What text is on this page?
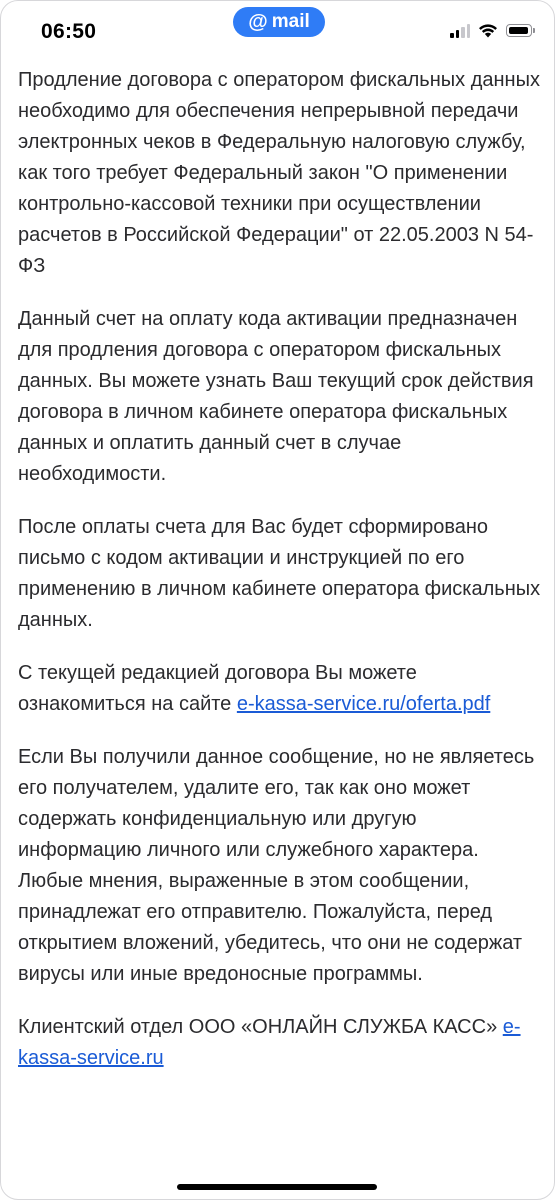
06:50	@ mail

Продление договора с оператором фискальных данных необходимо для обеспечения непрерывной передачи электронных чеков в Федеральную налоговую службу, как того требует Федеральный закон "О применении контрольно-кассовой техники при осуществлении расчетов в Российской Федерации" от 22.05.2003 N 54-ФЗ

Данный счет на оплату кода активации предназначен для продления договора с оператором фискальных данных. Вы можете узнать Ваш текущий срок действия договора в личном кабинете оператора фискальных данных и оплатить данный счет в случае необходимости.

После оплаты счета для Вас будет сформировано письмо с кодом активации и инструкцией по его применению в личном кабинете оператора фискальных данных.

С текущей редакцией договора Вы можете ознакомиться на сайте e-kassa-service.ru/oferta.pdf

Если Вы получили данное сообщение, но не являетесь его получателем, удалите его, так как оно может содержать конфиденциальную или другую информацию личного или служебного характера. Любые мнения, выраженные в этом сообщении, принадлежат его отправителю. Пожалуйста, перед открытием вложений, убедитесь, что они не содержат вирусы или иные вредоносные программы.

Клиентский отдел ООО «ОНЛАЙН СЛУЖБА КАСС» e-kassa-service.ru
